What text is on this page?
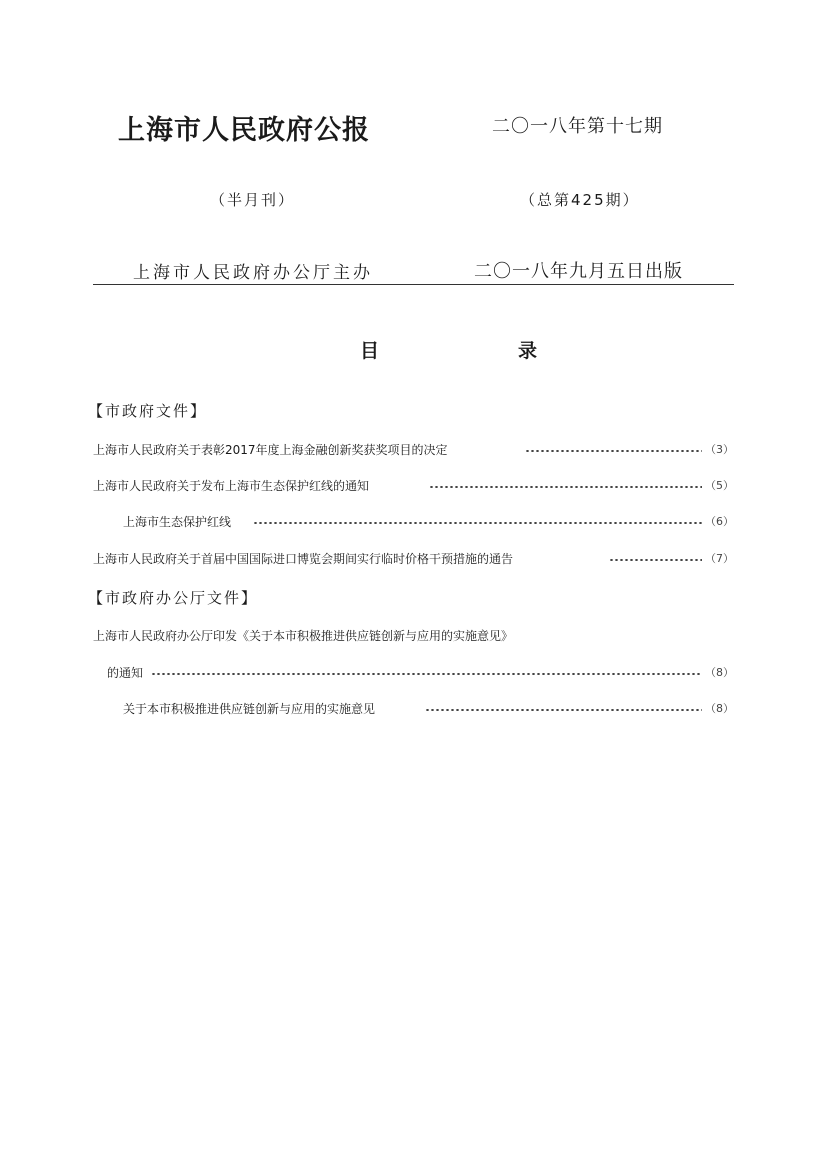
上海市人民政府公报	二〇一八年第十七期
（半月刊）	（总第425期）
上海市人民政府办公厅主办	二〇一八年九月五日出版
目　录
【市政府文件】
上海市人民政府关于表彰2017年度上海金融创新奖获奖项目的决定	（3）
上海市人民政府关于发布上海市生态保护红线的通知	（5）
上海市生态保护红线	（6）
上海市人民政府关于首届中国国际进口博览会期间实行临时价格干预措施的通告	（7）
【市政府办公厅文件】
上海市人民政府办公厅印发《关于本市积极推进供应链创新与应用的实施意见》
的通知	（8）
关于本市积极推进供应链创新与应用的实施意见	（8）
